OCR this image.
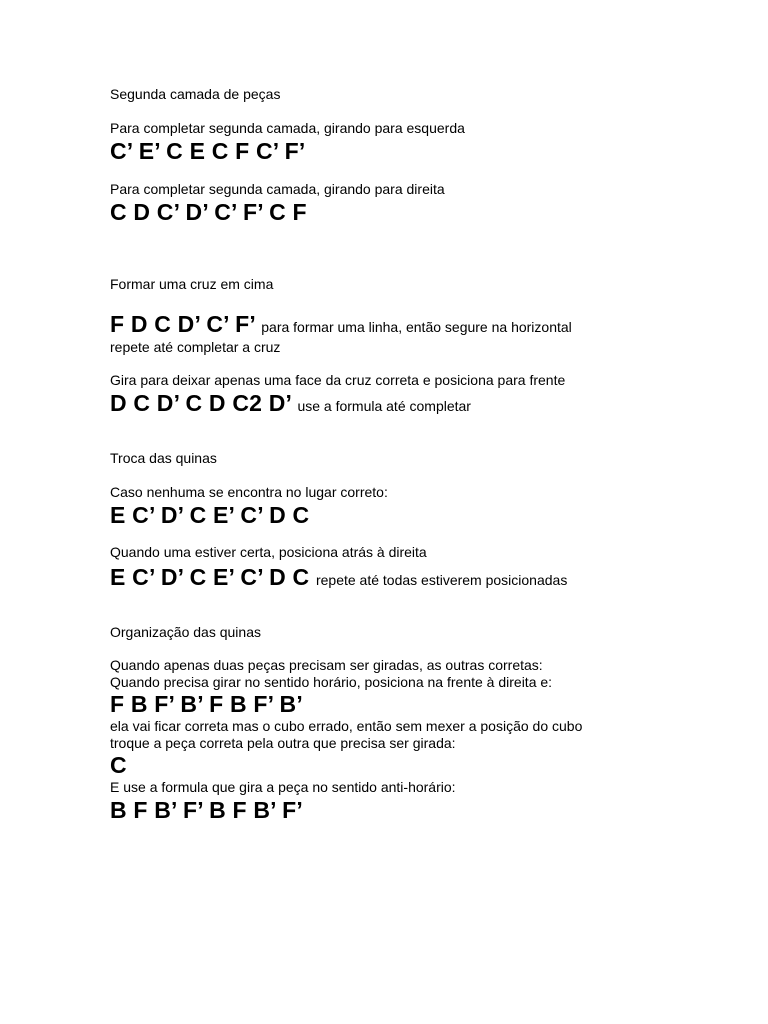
Segunda camada de peças
Para completar segunda camada, girando para esquerda
C’ E’ C E C F C’ F’
Para completar segunda camada, girando para direita
C D C’ D’ C’ F’ C F
Formar uma cruz em cima
F D C D’ C’ F’ para formar uma linha, então segure na horizontal
repete até completar a cruz
Gira para deixar apenas uma face da cruz correta e posiciona para frente
D C D’ C D C2 D’ use a formula até completar
Troca das quinas
Caso nenhuma se encontra no lugar correto:
E C’ D’ C E’ C’ D C
Quando uma estiver certa, posiciona atrás à direita
E C’ D’ C E’ C’ D C repete até todas estiverem posicionadas
Organização das quinas
Quando apenas duas peças precisam ser giradas, as outras corretas:
Quando precisa girar no sentido horário, posiciona na frente à direita e:
F B F’ B’ F B F’ B’
ela vai ficar correta mas o cubo errado, então sem mexer a posição do cubo
troque a peça correta pela outra que precisa ser girada:
C
E use a formula que gira a peça no sentido anti-horário:
B F B’ F’ B F B’ F’
